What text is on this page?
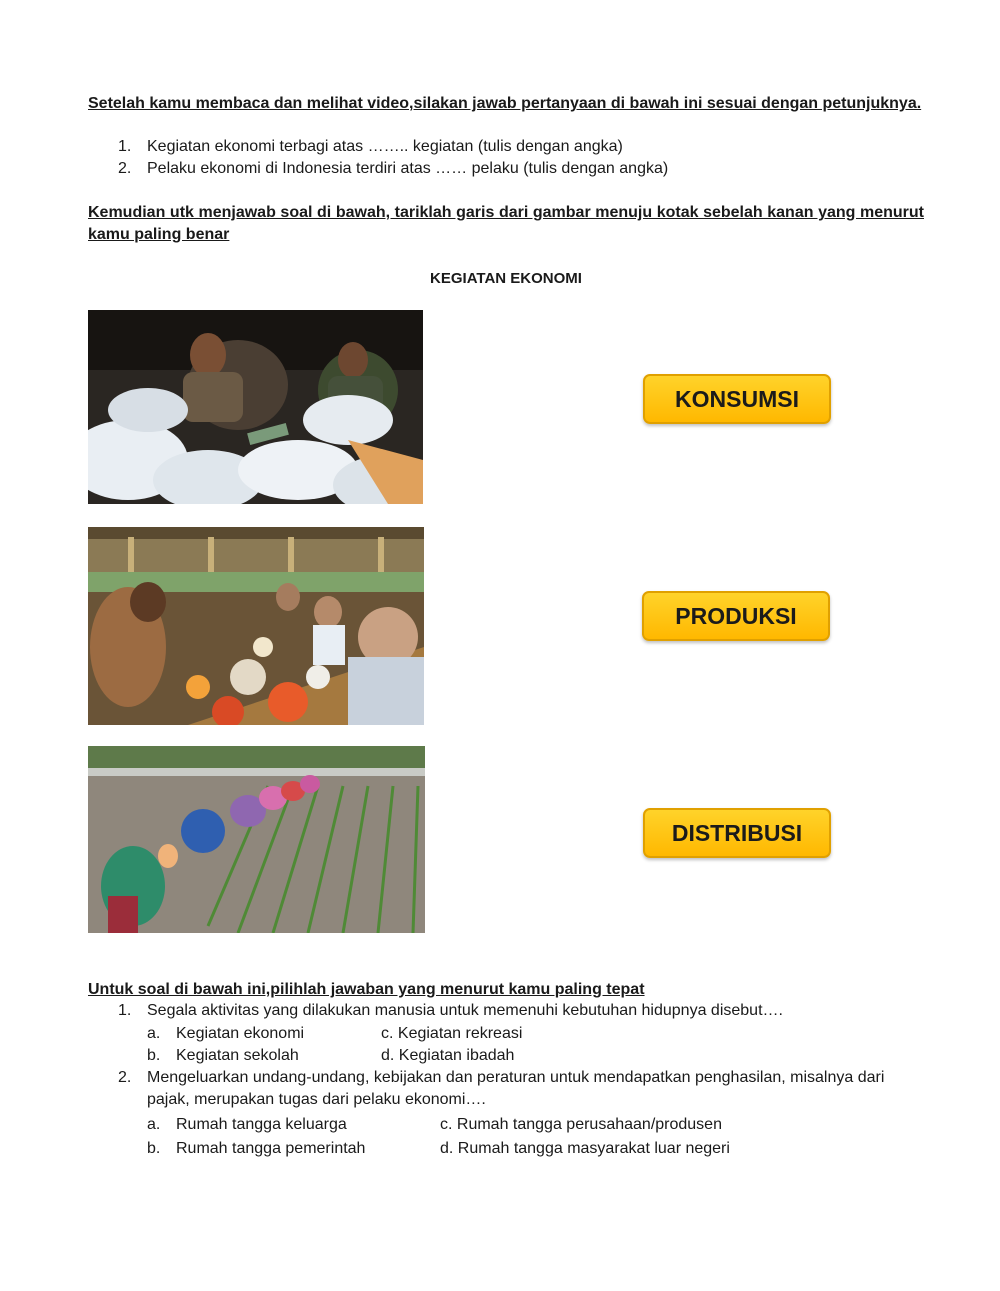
Setelah kamu membaca dan melihat video,silakan jawab pertanyaan di bawah ini sesuai dengan petunjuknya.
1. Kegiatan ekonomi terbagi atas …….. kegiatan (tulis dengan angka)
2. Pelaku ekonomi di Indonesia terdiri atas …… pelaku (tulis dengan angka)
Kemudian utk menjawab soal di bawah, tariklah garis dari gambar menuju kotak sebelah kanan yang menurut
kamu paling benar
KEGIATAN EKONOMI
KONSUMSI
PRODUKSI
DISTRIBUSI
Untuk soal di bawah ini,pilihlah jawaban yang menurut kamu paling tepat
1. Segala aktivitas yang dilakukan manusia untuk memenuhi kebutuhan hidupnya disebut….
a. Kegiatan ekonomi	c. Kegiatan rekreasi
b. Kegiatan sekolah	d. Kegiatan ibadah
2. Mengeluarkan undang-undang, kebijakan dan peraturan untuk mendapatkan penghasilan, misalnya dari
pajak, merupakan tugas dari pelaku ekonomi….
a. Rumah tangga keluarga	c. Rumah tangga perusahaan/produsen
b. Rumah tangga pemerintah	d. Rumah tangga masyarakat luar negeri
